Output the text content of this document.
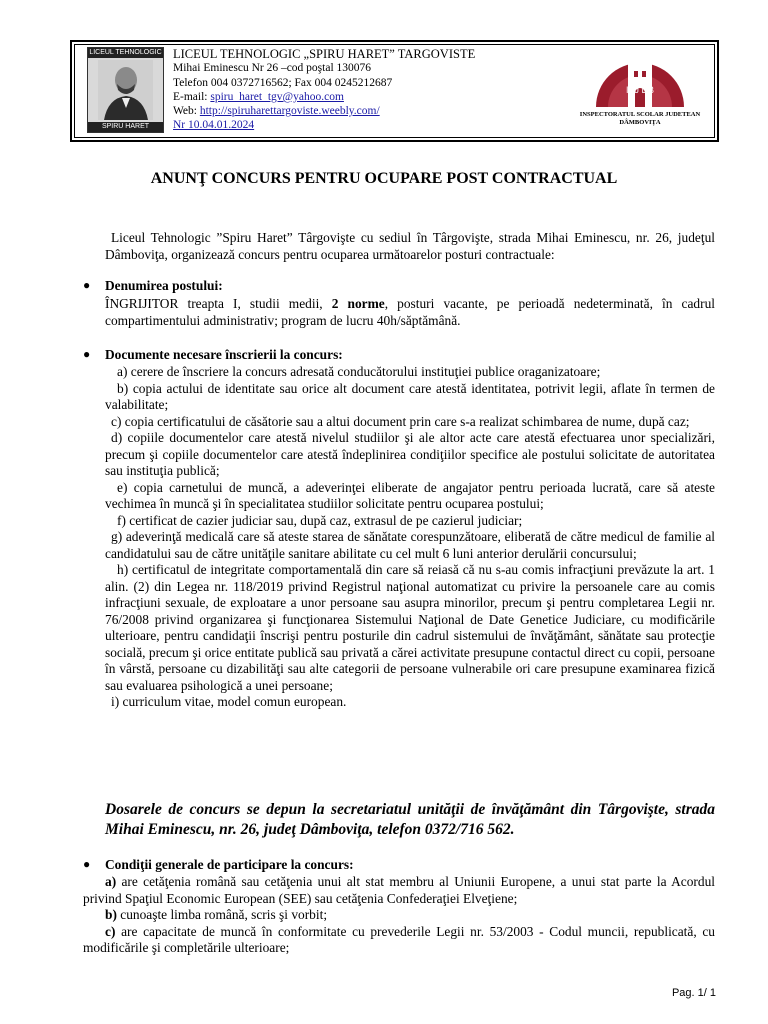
LICEUL TEHNOLOGIC
SPIRU HARET
LICEUL TEHNOLOGIC „SPIRU HARET” TARGOVISTE
Mihai Eminescu Nr 26 –cod poştal 130076
Telefon 004 0372716562; Fax 004 0245212687
E-mail: spiru_haret_tgv@yahoo.com
Web: http://spiruharettargoviste.weebly.com/
Nr 10.04.01.2024
ISJ DB
INSPECTORATUL SCOLAR JUDETEAN
DÂMBOVIŢA
ANUNŢ CONCURS PENTRU OCUPARE POST CONTRACTUAL
Liceul Tehnologic ”Spiru Haret” Târgovişte cu sediul în Târgovişte, strada Mihai Eminescu, nr. 26, judeţul Dâmboviţa, organizează concurs pentru ocuparea următoarelor posturi contractuale:
● Denumirea postului:
ÎNGRIJITOR treapta I, studii medii, 2 norme, posturi vacante, pe perioadă nedeterminată, în cadrul compartimentului administrativ; program de lucru 40h/săptămână.
● Documente necesare înscrierii la concurs:

a) cerere de înscriere la concurs adresată conducătorului instituţiei publice oraganizatoare;

b) copia actului de identitate sau orice alt document care atestă identitatea, potrivit legii, aflate în termen de valabilitate;

c) copia certificatului de căsătorie sau a altui document prin care s-a realizat schimbarea de nume, după caz;

d) copiile documentelor care atestă nivelul studiilor şi ale altor acte care atestă efectuarea unor specializări, precum şi copiile documentelor care atestă îndeplinirea condiţiilor specifice ale postului solicitate de autoritatea sau instituţia publică;

e) copia carnetului de muncă, a adeverinţei eliberate de angajator pentru perioada lucrată, care să ateste vechimea în muncă şi în specialitatea studiilor solicitate pentru ocuparea postului;

f) certificat de cazier judiciar sau, după caz, extrasul de pe cazierul judiciar;

g) adeverinţă medicală care să ateste starea de sănătate corespunzătoare, eliberată de către medicul de familie al candidatului sau de către unităţile sanitare abilitate cu cel mult 6 luni anterior derulării concursului;

h) certificatul de integritate comportamentală din care să reiasă că nu s-au comis infracţiuni prevăzute la art. 1 alin. (2) din Legea nr. 118/2019 privind Registrul naţional automatizat cu privire la persoanele care au comis infracţiuni sexuale, de exploatare a unor persoane sau asupra minorilor, precum şi pentru completarea Legii nr. 76/2008 privind organizarea şi funcţionarea Sistemului Naţional de Date Genetice Judiciare, cu modificările ulterioare, pentru candidaţii înscrişi pentru posturile din cadrul sistemului de învăţământ, sănătate sau protecţie socială, precum şi orice entitate publică sau privată a cărei activitate presupune contactul direct cu copii, persoane în vârstă, persoane cu dizabilităţi sau alte categorii de persoane vulnerabile ori care presupune examinarea fizică sau evaluarea psihologică a unei persoane;

i) curriculum vitae, model comun european.

Dosarele de concurs se depun la secretariatul unităţii de învăţământ din Târgovişte, strada Mihai Eminescu, nr. 26, judeţ Dâmboviţa, telefon 0372/716 562.
● Condiţii generale de participare la concurs:

a) are cetăţenia română sau cetăţenia unui alt stat membru al Uniunii Europene, a unui stat parte la Acordul privind Spaţiul Economic European (SEE) sau cetăţenia Confederaţiei Elveţiene;

b) cunoaşte limba română, scris şi vorbit;

c) are capacitate de muncă în conformitate cu prevederile Legii nr. 53/2003 - Codul muncii, republicată, cu modificările şi completările ulterioare;

Pag. 1/ 1
